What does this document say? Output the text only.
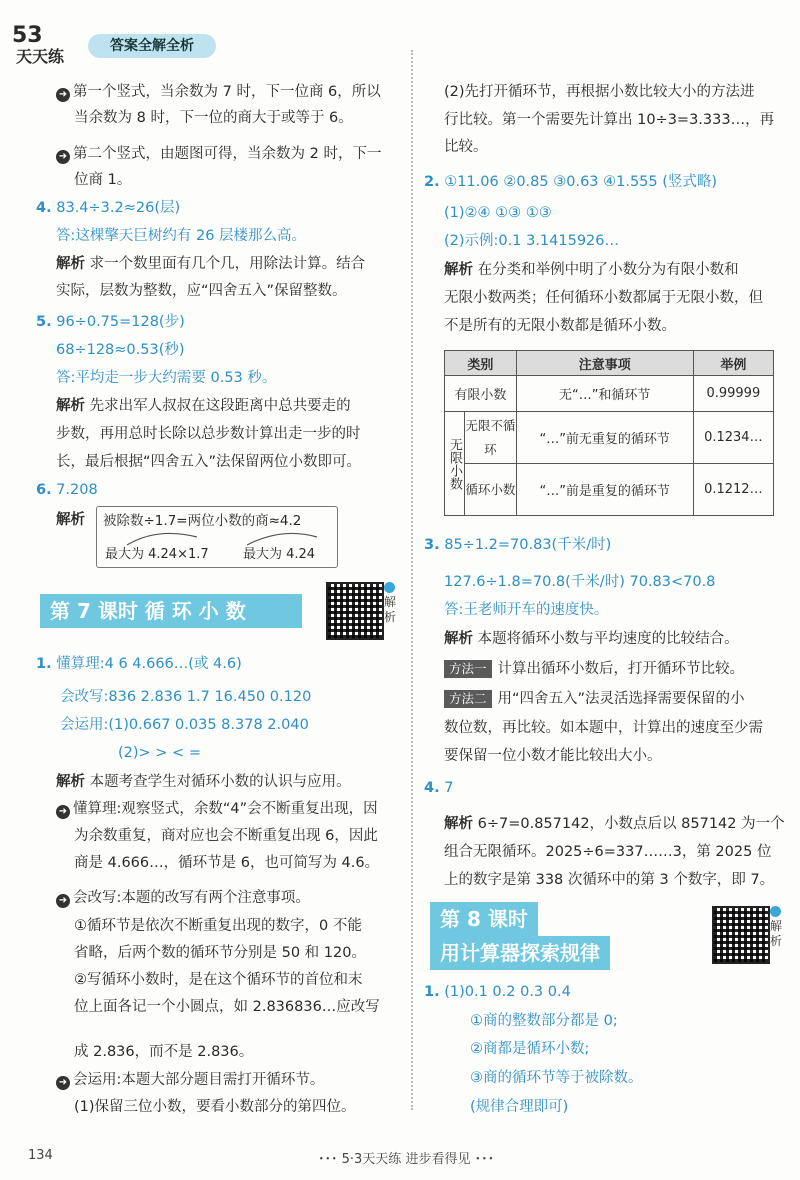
53
天天练
答案全解全析
➜ 第一个竖式，当余数为 7 时，下一位商 6，所以
当余数为 8 时，下一位的商大于或等于 6。
➜ 第二个竖式，由题图可得，当余数为 2 时，下一
位商 1。
4. 83.4÷3.2≈26(层)
答:这棵擎天巨树约有 26 层楼那么高。
解析 求一个数里面有几个几，用除法计算。结合
实际，层数为整数，应“四舍五入”保留整数。
5. 96÷0.75=128(步)
68÷128≈0.53(秒)
答:平均走一步大约需要 0.53 秒。
解析 先求出军人叔叔在这段距离中总共要走的
步数，再用总时长除以总步数计算出走一步的时
长，最后根据“四舍五入”法保留两位小数即可。
6. 7.208
解析 被除数÷1.7=两位小数的商≈4.2
最大为 4.24×1.7	最大为 4.24
第 7 课时 循 环 小 数	解析
1. 懂算理:4 6 4.666…(或 4.6)
会改写:836 2.836 1.7 16.450 0.120
会运用:(1)0.667 0.035 8.378 2.040
(2)> > < =
解析 本题考查学生对循环小数的认识与应用。
➜ 懂算理:观察竖式，余数“4”会不断重复出现，因
为余数重复，商对应也会不断重复出现 6，因此
商是 4.666…，循环节是 6，也可简写为 4.6。
➜ 会改写:本题的改写有两个注意事项。
①循环节是依次不断重复出现的数字，0 不能
省略，后两个数的循环节分别是 50 和 120。
②写循环小数时，是在这个循环节的首位和末
位上面各记一个小圆点，如 2.836836…应改写
成 2.836，而不是 2.836。
➜ 会运用:本题大部分题目需打开循环节。
(1)保留三位小数，要看小数部分的第四位。
(2)先打开循环节，再根据小数比较大小的方法进
行比较。第一个需要先计算出 10÷3=3.333…，再
比较。
2. ①11.06 ②0.85 ③0.63 ④1.555 (竖式略)
(1)②④ ①③ ①③
(2)示例:0.1 3.1415926…
解析 在分类和举例中明了小数分为有限小数和
无限小数两类；任何循环小数都属于无限小数，但
不是所有的无限小数都是循环小数。
类别		注意事项	举例
有限小数		无“…”和循环节	0.99999
无限小数	无限不循环	“…”前无重复的循环节	0.1234…
	循环小数	“…”前是重复的循环节	0.1212…
3. 85÷1.2=70.83(千米/时)
127.6÷1.8=70.8(千米/时) 70.83<70.8
答:王老师开车的速度快。
解析 本题将循环小数与平均速度的比较结合。
方法一 计算出循环小数后，打开循环节比较。
方法二 用“四舍五入”法灵活选择需要保留的小
数位数，再比较。如本题中，计算出的速度至少需
要保留一位小数才能比较出大小。
4. 7
解析 6÷7=0.857142，小数点后以 857142 为一个
组合无限循环。2025÷6=337……3，第 2025 位
上的数字是第 338 次循环中的第 3 个数字，即 7。
第 8 课时
用计算器探索规律
解析
1. (1)0.1 0.2 0.3 0.4
①商的整数部分都是 0;
②商都是循环小数;
③商的循环节等于被除数。
(规律合理即可)
134	･･･ 5·3天天练 进步看得见 ･･･
